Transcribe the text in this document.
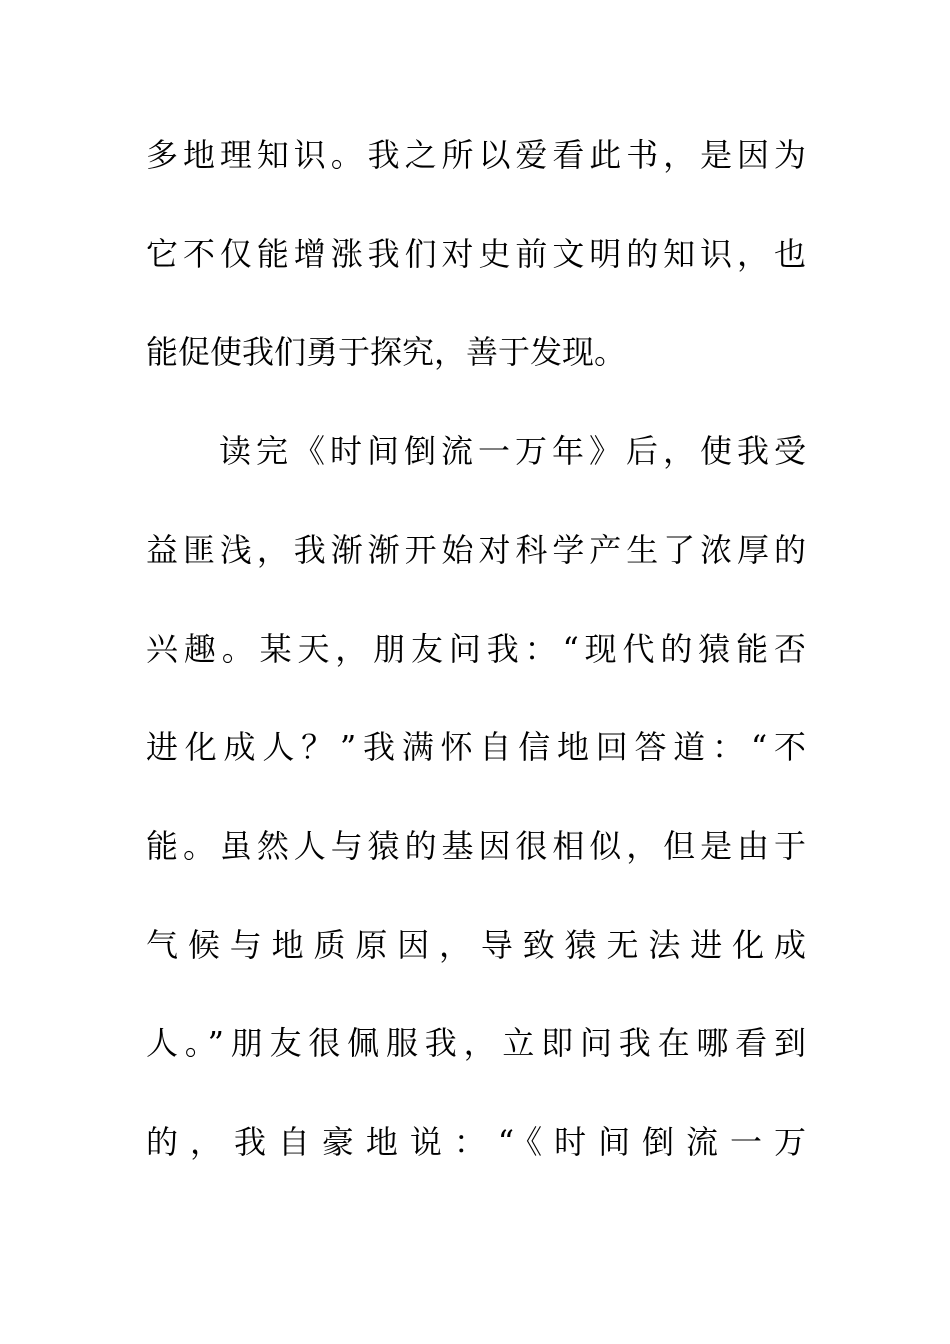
多地理知识。我之所以爱看此书，是因为
它不仅能增涨我们对史前文明的知识，也
能促使我们勇于探究，善于发现。
读完《时间倒流一万年》后，使我受
益匪浅，我渐渐开始对科学产生了浓厚的
兴趣。某天，朋友问我：“现代的猿能否
进化成人？”我满怀自信地回答道：“不
能。虽然人与猿的基因很相似，但是由于
气候与地质原因，导致猿无法进化成
人。”朋友很佩服我，立即问我在哪看到
的，我自豪地说：“《时间倒流一万
